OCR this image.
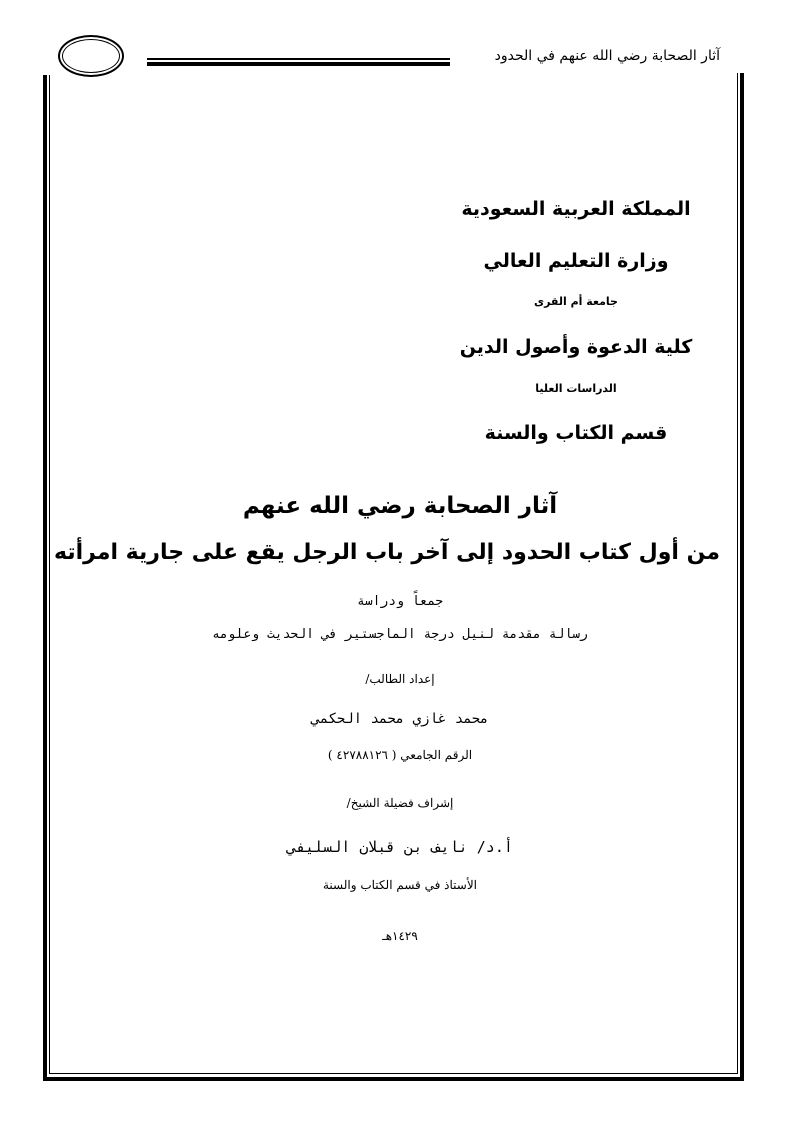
آثار الصحابة رضي الله عنهم في الحدود
المملكة العربية السعودية
وزارة التعليم العالي
جامعة أم القرى
كلية الدعوة وأصول الدين
الدراسات العليا
قسم الكتاب والسنة
آثار الصحابة رضي الله عنهم
من أول كتاب الحدود إلى آخر باب الرجل يقع على جارية امرأته
جمعاً ودراسة
رسالة مقدمة لنيل درجة الماجستير في الحديث وعلومه
إعداد الطالب/
محمد غازي محمد الحكمي
الرقم الجامعي ( ٤٢٧٨٨١٢٦ )
إشراف فضيلة الشيخ/
أ.د/ نايف بن قبلان السليفي
الأستاذ في قسم الكتاب والسنة
١٤٢٩هـ
